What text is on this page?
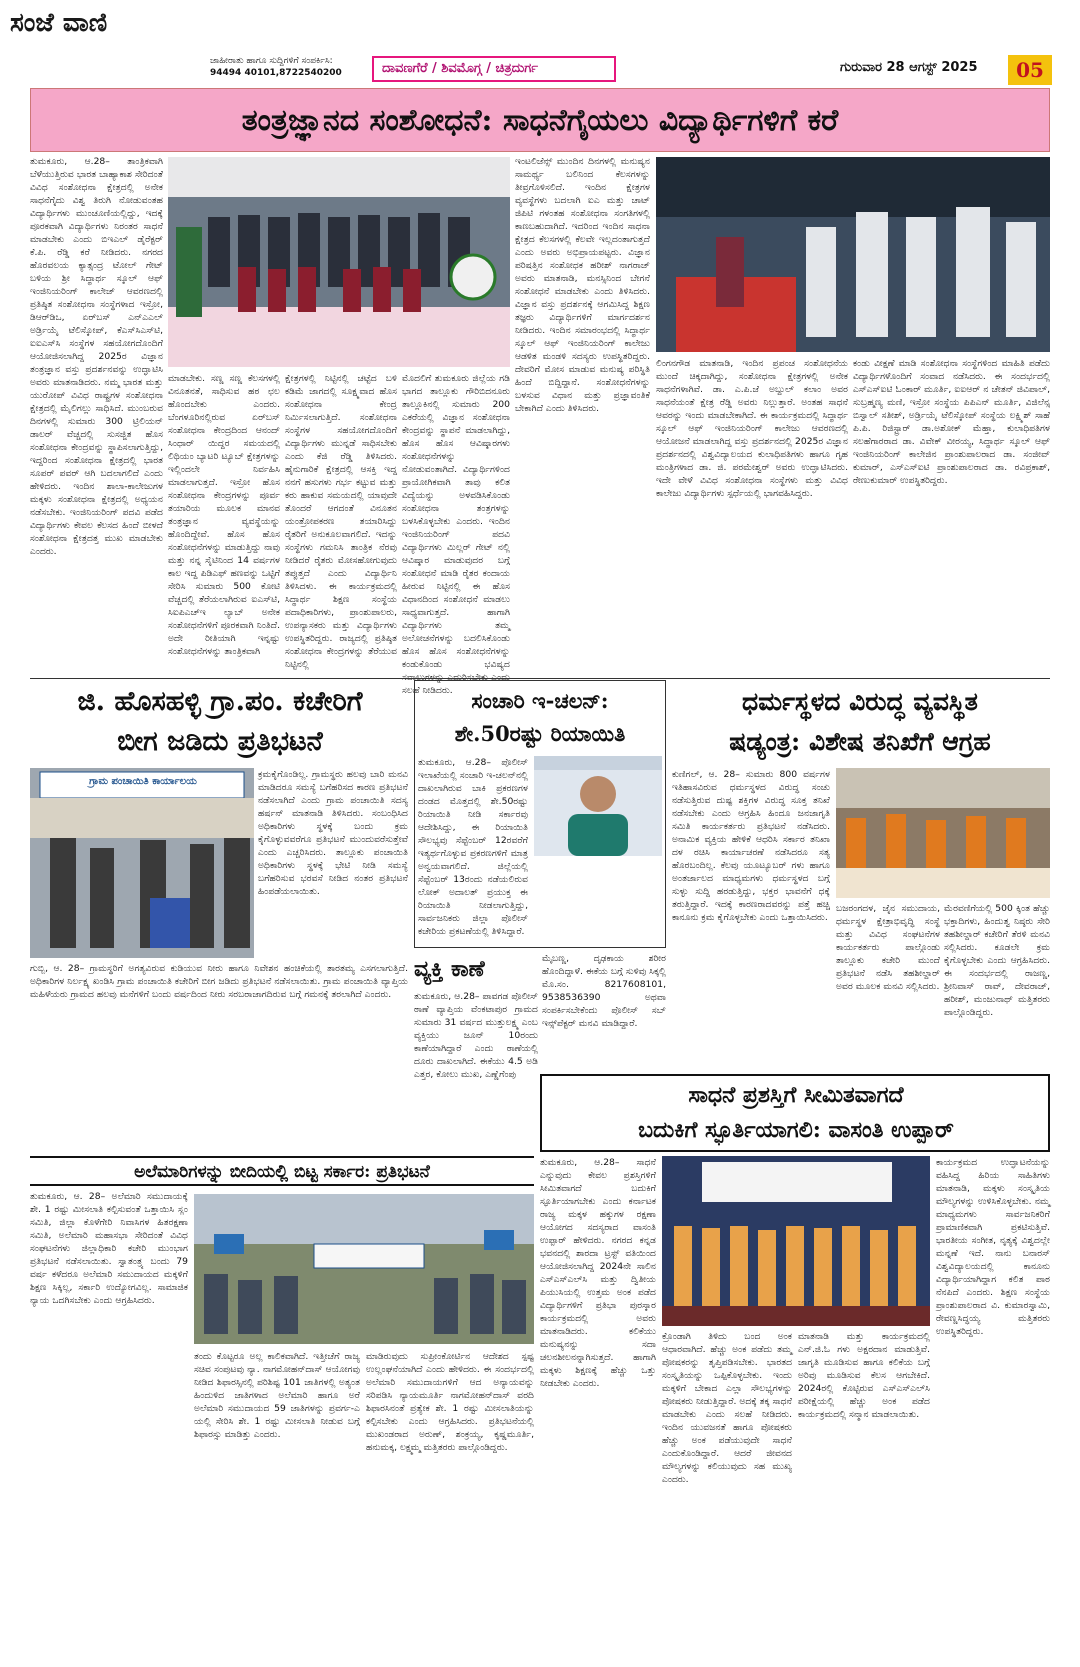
ಸಂಜೆ ವಾಣಿ
ಜಾಹೀರಾತು ಹಾಗೂ ಸುದ್ದಿಗಳಿಗೆ ಸಂಪರ್ಕಿಸಿ:
94494 40101,8722540200	ದಾವಣಗೆರೆ / ಶಿವಮೊಗ್ಗ / ಚಿತ್ರದುರ್ಗ	ಗುರುವಾರ 28 ಆಗಸ್ಟ್ 2025	05
ತಂತ್ರಜ್ಞಾನದ ಸಂಶೋಧನೆ: ಸಾಧನೆಗೈಯಲು ವಿದ್ಯಾರ್ಥಿಗಳಿಗೆ ಕರೆ
ತುಮಕೂರು, ಆ.28– ತಾಂತ್ರಿಕವಾಗಿ ಬೆಳೆಯುತ್ತಿರುವ ಭಾರತ ಬಾಹ್ಯಾಕಾಶ ಸೇರಿದಂತೆ ವಿವಿಧ ಸಂಶೋಧನಾ ಕ್ಷೇತ್ರದಲ್ಲಿ ಅನೇಕ ಸಾಧನೆಗೈದು ವಿಶ್ವ ತಿರುಗಿ ನೋಡುವಂತಹ ವಿದ್ಯಾರ್ಥಿಗಳು ಮುಂಚೂಣಿಯಲ್ಲಿದ್ದು, ಇದಕ್ಕೆ ಪೂರಕವಾಗಿ ವಿದ್ಯಾರ್ಥಿಗಳು ನಿರಂತರ ಸಾಧನೆ ಮಾಡಬೇಕು ಎಂದು ಬಿಇಎಲ್ ಡೈರೆಕ್ಟರ್ ಕೆ.ಪಿ. ರೆಡ್ಡಿ ಕರೆ ನೀಡಿದರು. ನಗರದ ಹೊರವಲಯ ಕ್ಯಾತ್ಸಂದ್ರ ಟೋಲ್ ಗೇಟ್ ಬಳಿಯ ಶ್ರೀ ಸಿದ್ಧಾರ್ಥ ಸ್ಕೂಲ್ ಆಫ್ ಇಂಜಿನಿಯರಿಂಗ್ ಕಾಲೇಜ್ ಆವರಣದಲ್ಲಿ ಪ್ರತಿಷ್ಠಿತ ಸಂಶೋಧನಾ ಸಂಸ್ಥೆಗಳಾದ ಇಸ್ರೋ, ಡಿಆರ್‌ಡಿಒ, ಏರ್‌ಬಸ್ ಎನ್‌ಎಎಲ್ ಅರ್ಡ್ರಿಯೈ ಟೆಲಿಸ್ಕೋಪ್, ಕೆಎಸ್‌ಸಿಎಸ್‌ಟಿ, ಐಐಎಸ್‌ಸಿ ಸಂಸ್ಥೆಗಳ ಸಹಯೋಗದೊಂದಿಗೆ ಆಯೋಜಿಸಲಾಗಿದ್ದ 2025ರ ವಿಜ್ಞಾನ ತಂತ್ರಜ್ಞಾನ ವಸ್ತು ಪ್ರದರ್ಶನವನ್ನು ಉದ್ಘಾಟಿಸಿ ಅವರು ಮಾತನಾಡಿದರು. ನಮ್ಮ ಭಾರತ ಮತ್ತು ಯುರೋಪ್ ವಿವಿಧ ರಾಷ್ಟ್ರಗಳ ಸಂಶೋಧನಾ ಕ್ಷೇತ್ರದಲ್ಲಿ ಮೈಲಿಗಲ್ಲು ಸಾಧಿಸಿದೆ. ಮುಂಬರುವ ದಿನಗಳಲ್ಲಿ ಸುಮಾರು 300 ಟ್ರಿಲಿಯನ್ ಡಾಲರ್ ವೆಚ್ಚದಲ್ಲಿ ಸುಸಜ್ಜಿತ ಹೊಸ ಸಂಶೋಧನಾ ಕೇಂದ್ರವನ್ನು ಸ್ಥಾಪಿಸಲಾಗುತ್ತಿದ್ದು, ಇದ್ದರಿಂದ ಸಂಶೋಧನಾ ಕ್ಷೇತ್ರದಲ್ಲಿ ಭಾರತ ಸೂಪರ್ ಪವರ್ ಆಗಿ ಬದಲಾಗಲಿದೆ ಎಂದು ಹೇಳಿದರು. ಇಂದಿನ ಶಾಲಾ-ಕಾಲೇಜುಗಳ ಮಕ್ಕಳು ಸಂಶೋಧನಾ ಕ್ಷೇತ್ರದಲ್ಲಿ ಅಧ್ಯಯನ ನಡೆಸಬೇಕು. ಇಂಜಿನಿಯರಿಂಗ್ ಪದವಿ ಪಡೆದ ವಿದ್ಯಾರ್ಥಿಗಳು ಕೇವಲ ಕೆಲಸದ ಹಿಂದೆ ಬೀಳದೆ ಸಂಶೋಧನಾ ಕ್ಷೇತ್ರದತ್ತ ಮುಖ ಮಾಡಬೇಕು ಎಂದರು.
ಮಾಡಬೇಕು. ಸಣ್ಣ ಸಣ್ಣ ಕೆಲಸಗಳಲ್ಲಿ ವಿನೂತನತೆ, ಸಾಧಿಸುವ ಹಠ ಛಲ ಹೊಂದಬೇಕು ಎಂದರು. ಬೆಂಗಳೂರಿನಲ್ಲಿರುವ ಏರ್‌ಬಸ್ ಸಂಶೋಧನಾ ಕೇಂದ್ರದಿಂದ ಆನಂದ್ ಸಿಂಧಾರ್ ಯಿದ್ದರ ಸಮಯದಲ್ಲಿ ಲಿಥಿಯಂ ಬ್ಯಾಟರಿ ಟ್ಯೂಬ್ ಕ್ಷೇತ್ರಗಳನ್ನು ಇಲ್ಲಿಂದಲೇ ನಿರ್ವಹಿಸಿ ಮಾಡಲಾಗುತ್ತದೆ. ಇಸ್ರೋ ಹೊಸ ಸಂಶೋಧನಾ ಕೇಂದ್ರಗಳನ್ನು ಪೂರ್ವ ತಯಾರಿಯ ಮೂಲಕ ಮಾನವ ತಂತ್ರಜ್ಞಾನ ವ್ಯವಸ್ಥೆಯನ್ನು ಹೊಂದಿದ್ದೇವೆ. ಹೊಸ ಹೊಸ ಸಂಶೋಧನೆಗಳನ್ನು ಮಾಡುತ್ತಿದ್ದು ನಾವು ಮತ್ತು ನನ್ನ ಸೈಟಿನಿಂದ 14 ವರ್ಷಗಳ ಕಾಲ ಇದ್ದ ಪಿಡಿಎಫ್ ಹಣವನ್ನು ಒಟ್ಟಿಗೆ ಸೇರಿಸಿ ಸುಮಾರು 500 ಕೋಟಿ ವೆಚ್ಚದಲ್ಲಿ ತೆರೆಯಲಾಗಿರುವ ಐಎಸ್‌ಟಿ, ಸಿಐಪಿಎಚ್‌ಇ ಲ್ಯಾಬ್ ಅನೇಕ ಸಂಶೋಧನೆಗಳಿಗೆ ಪೂರಕವಾಗಿ ನಿಂತಿದೆ. ಅದೇ ರೀತಿಯಾಗಿ ಇನ್ನಷ್ಟು ಸಂಶೋಧನೆಗಳನ್ನು ತಾಂತ್ರಿಕವಾಗಿ
ಕ್ಷೇತ್ರಗಳಲ್ಲಿ ನಿಟ್ಟಿನಲ್ಲಿ ಚಟ್ಟೆದ ಬಳಿ ಕಡಿಮೆ ಜಾಗದಲ್ಲಿ ಸೂಕ್ಷ್ಮವಾದ ಹೊಸ ಸಂಶೋಧನಾ ಕೇಂದ್ರ ನಿರ್ಮಿಸಲಾಗುತ್ತಿದೆ. ಸಂಶೋಧನಾ ಸಂಸ್ಥೆಗಳ ಸಹಯೋಗದೊಂದಿಗೆ ವಿದ್ಯಾರ್ಥಿಗಳು ಮುನ್ನಡೆ ಸಾಧಿಸಬೇಕು ಎಂದು ಕೆಜಿ ರೆಡ್ಡಿ ತಿಳಿಸಿದರು. ಹೈನುಗಾರಿಕೆ ಕ್ಷೇತ್ರದಲ್ಲಿ ಆಸಕ್ತಿ ಇದ್ದ ನನಗೆ ಹಸುಗಳು ಗರ್ಭ ಕಟ್ಟುವ ಮತ್ತು ಕರು ಹಾಕುವ ಸಮಯದಲ್ಲಿ ಯಾವುದೇ ತೊಂದರೆ ಆಗದಂತೆ ವಿನೂತನ ಯಂತ್ರೋಪಕರಣ ತಯಾರಿಸಿದ್ದು ರೈತರಿಗೆ ಅನುಕೂಲವಾಗಲಿದೆ. ಇದನ್ನು ಸಂಸ್ಥೆಗಳು ಗಮನಿಸಿ ತಾಂತ್ರಿಕ ನೆರವು ನೀಡಿದರೆ ರೈತರು ಮೋಸಹೋಗುವುದು ತಪ್ಪುತ್ತದೆ ಎಂದು ವಿದ್ಯಾರ್ಥಿನಿ ತಿಳಿಸಿದಳು. ಈ ಕಾರ್ಯಕ್ರಮದಲ್ಲಿ ಸಿದ್ಧಾರ್ಥ ಶಿಕ್ಷಣ ಸಂಸ್ಥೆಯ ಪದಾಧಿಕಾರಿಗಳು, ಪ್ರಾಂಶುಪಾಲರು, ಉಪನ್ಯಾಸಕರು ಮತ್ತು ವಿದ್ಯಾರ್ಥಿಗಳು ಉಪಸ್ಥಿತರಿದ್ದರು. ರಾಜ್ಯದಲ್ಲಿ ಪ್ರತಿಷ್ಠಿತ ಸಂಶೋಧನಾ ಕೇಂದ್ರಗಳನ್ನು ತೆರೆಯುವ ನಿಟ್ಟಿನಲ್ಲಿ
ಮೊದಲಿಗೆ ತುಮಕೂರು ಜಿಲ್ಲೆಯ ಗಡಿ ಭಾಗದ ತಾಲ್ಲೂಕು ಗೌರಿಬಿದನೂರು ತಾಲ್ಲೂಕಿನಲ್ಲಿ ಸುಮಾರು 200 ಎಕರೆಯಲ್ಲಿ ವಿಜ್ಞಾನ ಸಂಶೋಧನಾ ಕೇಂದ್ರವನ್ನು ಸ್ಥಾಪನೆ ಮಾಡಲಾಗಿದ್ದು, ಹೊಸ ಹೊಸ ಆವಿಷ್ಕಾರಗಳು ಸಂಶೋಧನೆಗಳನ್ನು ನೋಡುವಂತಾಗಿದೆ. ವಿದ್ಯಾರ್ಥಿಗಳಿಂದ ಪ್ರಾಯೋಗಿಕವಾಗಿ ತಾವು ಕಲಿತ ವಿದ್ಯೆಯನ್ನು ಅಳವಡಿಸಿಕೊಂಡು ಸಂಶೋಧನಾ ತಂತ್ರಗಳನ್ನು ಬಳಸಿಕೊಳ್ಳಬೇಕು ಎಂದರು. ಇಂದಿನ ಇಂಜಿನಿಯರಿಂಗ್ ಪದವಿ ವಿದ್ಯಾರ್ಥಿಗಳು ಮಿಲ್ಲರ್ ಗೇಟ್ ನಲ್ಲಿ ಆವಿಷ್ಕಾರ ಮಾಡುವುದರ ಬಗ್ಗೆ ಸಂಶೋಧನೆ ಮಾಡಿ ರೈತರ ಕಂದಾಯ ಹೀರುವ ನಿಟ್ಟಿನಲ್ಲಿ ಈ ಹೊಸ ವಿಧಾನದಿಂದ ಸಂಶೋಧನೆ ಮಾಡಲು ಸಾಧ್ಯವಾಗುತ್ತದೆ. ಹಾಗಾಗಿ ವಿದ್ಯಾರ್ಥಿಗಳು ತಮ್ಮ ಅಲೋಚನೆಗಳನ್ನು ಬದಲಿಸಿಕೊಂಡು ಹೊಸ ಹೊಸ ಸಂಶೋಧನೆಗಳನ್ನು ಕಂಡುಕೊಂಡು ಭವಿಷ್ಯದ ಸಲಹೆ ನೀಡಿದರು.
ಇಂಟಲಿಜೆನ್ಸ್ ಮುಂದಿನ ದಿನಗಳಲ್ಲಿ ಮನುಷ್ಯನ ಸಾಮರ್ಥ್ಯ ಬಲಿನಿಂದ ಕೆಲಸಗಳನ್ನು ತೀವ್ರಗೊಳಿಸಲಿದೆ. ಇಂದಿನ ಕ್ಷೇತ್ರಗಳ ವ್ಯವಸ್ಥೆಗಳು ಬದಲಾಗಿ ಐಎ ಮತ್ತು ಚಾಟ್ ಜಿಪಿಟಿ ಗಳಂತಹ ಸಂಶೋಧನಾ ಸಂಗತಿಗಳಲ್ಲಿ ಕಾಣಬಹುದಾಗಿದೆ. ಇದರಿಂದ ಇಂದಿನ ಸಾಧನಾ ಕ್ಷೇತ್ರದ ಕೆಲಸಗಳಲ್ಲಿ ಕೆಲವೇ ಇಲ್ಲದಂತಾಗುತ್ತದೆ ಎಂದು ಅವರು ಅಭಿಪ್ರಾಯಪಟ್ಟರು. ವಿಜ್ಞಾನ ಪರಿಷತ್ತಿನ ಸಂಶೋಧಕ ಹರೀಶ್ ನಾಗರಾಜ್ ಅವರು ಮಾತನಾಡಿ, ಮನಸ್ಸಿನಿಂದ ಬೇಗನೆ ಸಂಶೋಧನೆ ಮಾಡಬೇಕು ಎಂದು ತಿಳಿಸಿದರು. ವಿಜ್ಞಾನ ವಸ್ತು ಪ್ರದರ್ಶನಕ್ಕೆ ಆಗಮಿಸಿದ್ದ ಶಿಕ್ಷಣ ತಜ್ಞರು ವಿದ್ಯಾರ್ಥಿಗಳಿಗೆ ಮಾರ್ಗದರ್ಶನ ನೀಡಿದರು. ಇಂದಿನ ಸಮಾರಂಭದಲ್ಲಿ ಸಿದ್ಧಾರ್ಥ ಸ್ಕೂಲ್ ಆಫ್ ಇಂಜಿನಿಯರಿಂಗ್ ಕಾಲೇಜು ಆಡಳಿತ ಮಂಡಳಿ ಸದಸ್ಯರು ಉಪಸ್ಥಿತರಿದ್ದರು. ದೇವರಿಗೆ ಮೋಸ ಮಾಡುವ ಮನುಷ್ಯ ಪರಿಸ್ಥಿತಿ ಹಿಂದೆ ಬಿದ್ದಿದ್ದಾನೆ. ಸಂಶೋಧನೆಗಳನ್ನು ಬಳಸುವ ವಿಧಾನ ಮತ್ತು ಪ್ರಜ್ಞಾವಂತಿಕೆ ಬೇಕಾಗಿದೆ ಎಂದು ತಿಳಿಸಿದರು.
ಲಿಂಗನಗೌಡ ಮಾತನಾಡಿ, ಇಂದಿನ ಪ್ರಪಂಚ ಸಂಶೋಧನೆಯ ಮುಂದೆ ಚಿಕ್ಕದಾಗಿದ್ದು, ಸಂಶೋಧನಾ ಕ್ಷೇತ್ರಗಳಲ್ಲಿ ಅನೇಕ ಸಾಧನೆಗಳಾಗಿವೆ. ಡಾ. ಎ.ಪಿ.ಜೆ ಅಬ್ದುಲ್ ಕಲಾಂ ಅವರ ಸಾಧನೆಯಂತೆ ಕ್ಷೇತ್ರ ರೆಡ್ಡಿ ಅವರು ನಿಲ್ಲುತ್ತಾರೆ. ಅಂತಹ ಸಾಧನೆ ಆವರನ್ನು ಇಂದು ಮಾಡಬೇಕಾಗಿದೆ. ಈ ಕಾರ್ಯಕ್ರಮದಲ್ಲಿ ಸಿದ್ಧಾರ್ಥ ಸ್ಕೂಲ್ ಆಫ್ ಇಂಜಿನಿಯರಿಂಗ್ ಕಾಲೇಜು ಆವರಣದಲ್ಲಿ ಆಯೋಜನೆ ಮಾಡಲಾಗಿದ್ದ ವಸ್ತು ಪ್ರದರ್ಶನದಲ್ಲಿ 2025ರ ವಿಜ್ಞಾನ ಪ್ರದರ್ಶನದಲ್ಲಿ ವಿಶ್ವವಿದ್ಯಾಲಯದ ಕುಲಾಧಿಪತಿಗಳು ಹಾಗೂ ಗೃಹ ಮಂತ್ರಿಗಳಾದ ಡಾ. ಜಿ. ಪರಮೇಶ್ವರ್ ಅವರು ಉದ್ಘಾಟಿಸಿದರು. ಇದೇ ವೇಳೆ ವಿವಿಧ ಸಂಶೋಧನಾ ಸಂಸ್ಥೆಗಳು ಮತ್ತು ವಿವಿಧ ಕಾಲೇಜು ವಿದ್ಯಾರ್ಥಿಗಳು ಸ್ಪರ್ಧೆಯಲ್ಲಿ ಭಾಗವಹಿಸಿದ್ದರು.
ಕಂಡು ವೀಕ್ಷಣೆ ಮಾಡಿ ಸಂಶೋಧನಾ ಸಂಸ್ಥೆಗಳಿಂದ ಮಾಹಿತಿ ಪಡೆದು ವಿದ್ಯಾರ್ಥಿಗಳೊಂದಿಗೆ ಸಂವಾದ ನಡೆಸಿದರು. ಈ ಸಂದರ್ಭದಲ್ಲಿ ಎಸ್ಎಸ್‌ಐಟಿ ಓಂಕಾರ್ ಮೂರ್ತಿ, ಐಐಆರ್ ನ ಚೇತನ್ ಜಿವಿಪಾಲ್, ಸುಬ್ರಹ್ಮಣ್ಯ ಮಣಿ, ಇಸ್ರೋ ಸಂಸ್ಥೆಯ ಪಿಪಿಎನ್ ಮೂರ್ತಿ, ವಿಜಿಲೆನ್ಸ ಬಿಸ್ವಾಲ್ ಸತೀಶ್, ಅರ್ಡ್ರಿಯೈ ಟೆಲಿಸ್ಕೋಪ್ ಸಂಸ್ಥೆಯ ಲಕ್ಷ್ಮಿಶ್ ಸಾಹೆ ಪಿ.ಪಿ. ರಿಜಿಸ್ಟ್ರಾರ್ ಡಾ.ಅಶೋಕ್ ಮೆಹ್ತಾ, ಕುಲಾಧಿಪತಿಗಳ ಸಲಹೆಗಾರರಾದ ಡಾ. ವಿವೇಕ್ ವೀರಯ್ಯ, ಸಿದ್ಧಾರ್ಥ ಸ್ಕೂಲ್ ಆಫ್ ಇಂಜಿನಿಯರಿಂಗ್ ಕಾಲೇಜಿನ ಪ್ರಾಂಶುಪಾಲರಾದ ಡಾ. ಸಂಜೀವ್ ಕುಮಾರ್, ಎಸ್‌ಎಸ್‌ಐಟಿ ಪ್ರಾಂಶುಪಾಲರಾದ ಡಾ. ರವಿಪ್ರಕಾಶ್, ರೇಣುಕುಮಾರ್ ಉಪಸ್ಥಿತರಿದ್ದರು.
ಜಿ. ಹೊಸಹಳ್ಳಿ ಗ್ರಾ.ಪಂ. ಕಚೇರಿಗೆ
ಬೀಗ ಜಡಿದು ಪ್ರತಿಭಟನೆ
ಗ್ರಾಮ ಪಂಚಾಯಿತಿ ಕಾರ್ಯಾಲಯ
ಕ್ರಮಕೈಗೊಂಡಿಲ್ಲ. ಗ್ರಾಮಸ್ಥರು ಹಲವು ಬಾರಿ ಮನವಿ ಮಾಡಿದರೂ ಸಮಸ್ಯೆ ಬಗೆಹರಿಸದ ಕಾರಣ ಪ್ರತಿಭಟನೆ ನಡೆಸಲಾಗಿದೆ ಎಂದು ಗ್ರಾಮ ಪಂಚಾಯಿತಿ ಸದಸ್ಯ ಹರ್ಷನ್ ಮಾತನಾಡಿ ತಿಳಿಸಿದರು. ಸಂಬಂಧಿಸಿದ ಅಧಿಕಾರಿಗಳು ಸ್ಥಳಕ್ಕೆ ಬಂದು ಕ್ರಮ ಕೈಗೊಳ್ಳುವವರೆಗೂ ಪ್ರತಿಭಟನೆ ಮುಂದುವರೆಸುತ್ತೇವೆ ಎಂದು ಎಚ್ಚರಿಸಿದರು. ತಾಲ್ಲೂಕು ಪಂಚಾಯಿತಿ ಅಧಿಕಾರಿಗಳು ಸ್ಥಳಕ್ಕೆ ಭೇಟಿ ನೀಡಿ ಸಮಸ್ಯೆ ಬಗೆಹರಿಸುವ ಭರವಸೆ ನೀಡಿದ ನಂತರ ಪ್ರತಿಭಟನೆ ಹಿಂಪಡೆಯಲಾಯಿತು.
ಗುಬ್ಬಿ, ಆ. 28– ಗ್ರಾಮಸ್ಥರಿಗೆ ಅಗತ್ಯವಿರುವ ಕುಡಿಯುವ ನೀರು ಹಾಗೂ ನಿವೇಶನ ಹಂಚಿಕೆಯಲ್ಲಿ ತಾರತಮ್ಯ ಎಸಗಲಾಗುತ್ತಿದೆ. ಅಧಿಕಾರಿಗಳ ನಿರ್ಲಕ್ಷ್ಯ ಖಂಡಿಸಿ ಗ್ರಾಮ ಪಂಚಾಯಿತಿ ಕಚೇರಿಗೆ ಬೀಗ ಜಡಿದು ಪ್ರತಿಭಟನೆ ನಡೆಸಲಾಯಿತು. ಗ್ರಾಮ ಪಂಚಾಯಿತಿ ವ್ಯಾಪ್ತಿಯ ಮಹಿಳೆಯರು ಗ್ರಾಮದ ಹಲವು ಮನೆಗಳಿಗೆ ಬಂದು ವರ್ಷದಿಂದ ನೀರು ಸರಬರಾಜಾಗದಿರುವ ಬಗ್ಗೆ ಗಮನಕ್ಕೆ ತರಲಾಗಿದೆ ಎಂದರು.
ಸಂಚಾರಿ ಇ-ಚಲನ್:
ಶೇ.50ರಷ್ಟು ರಿಯಾಯಿತಿ
ತುಮಕೂರು, ಆ.28– ಪೊಲೀಸ್ ಇಲಾಖೆಯಲ್ಲಿ ಸಂಚಾರಿ ಇ-ಚಲನ್‌ನಲ್ಲಿ ದಾಖಲಾಗಿರುವ ಬಾಕಿ ಪ್ರಕರಣಗಳ ದಂಡದ ಮೊತ್ತದಲ್ಲಿ ಶೇ.50ರಷ್ಟು ರಿಯಾಯಿತಿ ನೀಡಿ ಸರ್ಕಾರವು ಆದೇಶಿಸಿದ್ದು, ಈ ರಿಯಾಯಿತಿ ಸೌಲಭ್ಯವು ಸೆಪ್ಟೆಂಬರ್ 12ರವರೆಗೆ ಇತ್ಯರ್ಥಗೊಳ್ಳುವ ಪ್ರಕರಣಗಳಿಗೆ ಮಾತ್ರ ಅನ್ವಯವಾಗಲಿದೆ. ಜಿಲ್ಲೆಯಲ್ಲಿ ಸೆಪ್ಟೆಂಬರ್ 13ರಂದು ನಡೆಯಲಿರುವ ಲೋಕ್ ಅದಾಲತ್ ಪ್ರಯುಕ್ತ ಈ ರಿಯಾಯಿತಿ ನೀಡಲಾಗುತ್ತಿದ್ದು, ಸಾರ್ವಜನಿಕರು ಜಿಲ್ಲಾ ಪೊಲೀಸ್ ಕಚೇರಿಯ ಪ್ರಕಟಣೆಯಲ್ಲಿ ತಿಳಿಸಿದ್ದಾರೆ.
ವ್ಯಕ್ತಿ ಕಾಣೆ
ತುಮಕೂರು, ಆ.28– ಪಾವಗಡ ಪೊಲೀಸ್ ಠಾಣೆ ವ್ಯಾಪ್ತಿಯ ವೆಂಕಟಾಪುರ ಗ್ರಾಮದ ಸುಮಾರು 31 ವರ್ಷದ ಮುತ್ತುಲಕ್ಷ್ಮ ಎಂಬ ವ್ಯಕ್ತಿಯು ಜೂನ್ 10ರಂದು ಕಾಣೆಯಾಗಿದ್ದಾರೆ ಎಂದು ಠಾಣೆಯಲ್ಲಿ ದೂರು ದಾಖಲಾಗಿದೆ. ಈಕೆಯು 4.5 ಅಡಿ ಎತ್ತರ, ಕೋಲು ಮುಖ, ಎಣ್ಣೆಗೆಂಪು
ಮೈಬಣ್ಣ, ದೃಢಕಾಯ ಶರೀರ ಹೊಂದಿದ್ದಾಳೆ. ಈಕೆಯ ಬಗ್ಗೆ ಸುಳಿವು ಸಿಕ್ಕಲ್ಲಿ ಮೊ.ಸಂ. 8217608101, 9538536390 ಅಥವಾ ಸಂಪರ್ಕಿಸಬೇಕೆಂದು ಪೊಲೀಸ್ ಸಬ್ ಇನ್ಸ್‌ಪೆಕ್ಟರ್ ಮನವಿ ಮಾಡಿದ್ದಾರೆ.
ಧರ್ಮಸ್ಥಳದ ವಿರುದ್ಧ ವ್ಯವಸ್ಥಿತ
ಷಡ್ಯಂತ್ರ: ವಿಶೇಷ ತನಿಖೆಗೆ ಆಗ್ರಹ
ಕುಣಿಗಲ್, ಆ. 28– ಸುಮಾರು 800 ವರ್ಷಗಳ ಇತಿಹಾಸವಿರುವ ಧರ್ಮಸ್ಥಳದ ವಿರುದ್ಧ ಸಂಚು ನಡೆಸುತ್ತಿರುವ ದುಷ್ಟ ಶಕ್ತಿಗಳ ವಿರುದ್ಧ ಸೂಕ್ತ ತನಿಖೆ ನಡೆಸಬೇಕು ಎಂದು ಆಗ್ರಹಿಸಿ ಹಿಂದೂ ಜನಜಾಗೃತಿ ಸಮಿತಿ ಕಾರ್ಯಕರ್ತರು ಪ್ರತಿಭಟನೆ ನಡೆಸಿದರು. ಅನಾಮಿಕ ವ್ಯಕ್ತಿಯ ಹೇಳಿಕೆ ಆಧರಿಸಿ ಸರ್ಕಾರ ತನಿಖಾ ದಳ ರಚಿಸಿ ಕಾರ್ಯಾಚರಣೆ ನಡೆಸಿದರೂ ಸತ್ಯ ಹೊರಬಂದಿಲ್ಲ. ಕೆಲವು ಯೂಟ್ಯೂಬರ್ ಗಳು ಹಾಗೂ ಅಂತರ್ಜಾಲದ ಮಾಧ್ಯಮಗಳು ಧರ್ಮಸ್ಥಳದ ಬಗ್ಗೆ ಸುಳ್ಳು ಸುದ್ದಿ ಹರಡುತ್ತಿದ್ದು, ಭಕ್ತರ ಭಾವನೆಗೆ ಧಕ್ಕೆ ತರುತ್ತಿದ್ದಾರೆ. ಇದಕ್ಕೆ ಕಾರಣರಾದವರನ್ನು ಪತ್ತೆ ಹಚ್ಚಿ ಕಾನೂನು ಕ್ರಮ ಕೈಗೊಳ್ಳಬೇಕು ಎಂದು ಒತ್ತಾಯಿಸಿದರು.
ಬಜರಂಗದಳ, ಜೈನ ಸಮುದಾಯ, ಧರ್ಮಸ್ಥಳ ಕ್ಷೇತ್ರಾಭಿವೃದ್ಧಿ ಸಂಸ್ಥೆ ಮತ್ತು ವಿವಿಧ ಸಂಘಟನೆಗಳ ಕಾರ್ಯಕರ್ತರು ಪಾಲ್ಗೊಂಡು ತಾಲ್ಲೂಕು ಕಚೇರಿ ಮುಂದೆ ಪ್ರತಿಭಟನೆ ನಡೆಸಿ ತಹಶೀಲ್ದಾರ್ ಅವರ ಮೂಲಕ ಮನವಿ ಸಲ್ಲಿಸಿದರು.
ಮೆರವಣಿಗೆಯಲ್ಲಿ 500 ಕ್ಕಿಂತ ಹೆಚ್ಚು ಭಕ್ತಾದಿಗಳು, ಹಿಂದುತ್ವ ನಿಷ್ಠರು ಸೇರಿ ತಹಶೀಲ್ದಾರ್ ಕಚೇರಿಗೆ ತೆರಳಿ ಮನವಿ ಸಲ್ಲಿಸಿದರು. ಕೂಡಲೇ ಕ್ರಮ ಕೈಗೊಳ್ಳಬೇಕು ಎಂದು ಆಗ್ರಹಿಸಿದರು. ಈ ಸಂದರ್ಭದಲ್ಲಿ ರಾಜಣ್ಣ, ಶ್ರೀನಿವಾಸ್ ರಾವ್, ದೇವರಾಜ್, ಹರೀಶ್, ಮಂಜುನಾಥ್ ಮತ್ತಿತರರು ಪಾಲ್ಗೊಂಡಿದ್ದರು.
ಸಾಧನೆ ಪ್ರಶಸ್ತಿಗೆ ಸೀಮಿತವಾಗದೆ
ಬದುಕಿಗೆ ಸ್ಫೂರ್ತಿಯಾಗಲಿ: ವಾಸಂತಿ ಉಪ್ಪಾರ್
ತುಮಕೂರು, ಆ.28– ಸಾಧನೆ ಎನ್ನುವುದು ಕೇವಲ ಪ್ರಶಸ್ತಿಗಳಿಗೆ ಸೀಮಿತವಾಗದೆ ಬದುಕಿಗೆ ಸ್ಫೂರ್ತಿಯಾಗಬೇಕು ಎಂದು ಕರ್ನಾಟಕ ರಾಜ್ಯ ಮಕ್ಕಳ ಹಕ್ಕುಗಳ ರಕ್ಷಣಾ ಆಯೋಗದ ಸದಸ್ಯರಾದ ವಾಸಂತಿ ಉಪ್ಪಾರ್ ಹೇಳಿದರು. ನಗರದ ಕನ್ನಡ ಭವನದಲ್ಲಿ ಶಾರದಾ ಟ್ರಸ್ಟ್ ವತಿಯಿಂದ ಆಯೋಜಿಸಲಾಗಿದ್ದ 2024ನೇ ಸಾಲಿನ ಎಸ್‌ಎಸ್‌ಎಲ್‌ಸಿ ಮತ್ತು ದ್ವಿತೀಯ ಪಿಯುಸಿಯಲ್ಲಿ ಉತ್ತಮ ಅಂಕ ಪಡೆದ ವಿದ್ಯಾರ್ಥಿಗಳಿಗೆ ಪ್ರತಿಭಾ ಪುರಸ್ಕಾರ ಕಾರ್ಯಕ್ರಮದಲ್ಲಿ ಅವರು ಮಾತನಾಡಿದರು. ಕಲಿಕೆಯು ಮನುಷ್ಯನನ್ನು ಸದಾ ಚಲನಶೀಲನನ್ನಾಗಿಸುತ್ತದೆ. ಹಾಗಾಗಿ ಮಕ್ಕಳು ಶಿಕ್ಷಣಕ್ಕೆ ಹೆಚ್ಚು ಒತ್ತು ನೀಡಬೇಕು ಎಂದರು.
ಕ್ರೊಂಡಾಗಿ ತಿಳಿದು ಬಂದ ಅಂಕ ಆಧಾರವಾಗಿದೆ. ಹೆಚ್ಚು ಅಂಕ ಪಡೆದು ತಮ್ಮ ಪೋಷಕರನ್ನು ತೃಪ್ತಿಪಡಿಸಬೇಕು. ಭಾರತದ ಸಂಸ್ಕೃತಿಯನ್ನು ಒಪ್ಪಿಕೊಳ್ಳಬೇಕು. ಇಂದು ಮಕ್ಕಳಿಗೆ ಬೇಕಾದ ಎಲ್ಲಾ ಸೌಲಭ್ಯಗಳನ್ನು ಪೋಷಕರು ನೀಡುತ್ತಿದ್ದಾರೆ. ಅದಕ್ಕೆ ತಕ್ಕ ಸಾಧನೆ ಮಾಡಬೇಕು ಎಂದು ಸಲಹೆ ನೀಡಿದರು. ಇಂದಿನ ಯುವಜನತೆ ಹಾಗೂ ಪೋಷಕರು ಹೆಚ್ಚು ಅಂಕ ಪಡೆಯುವುದೇ ಸಾಧನೆ ಎಂದುಕೊಂಡಿದ್ದಾರೆ. ಆದರೆ ಜೀವನದ ಮೌಲ್ಯಗಳನ್ನು ಕಲಿಯುವುದು ಸಹ ಮುಖ್ಯ ಎಂದರು.
ಮಾತನಾಡಿ ಮತ್ತು ಕಾರ್ಯಕ್ರಮದಲ್ಲಿ ಎನ್.ಜಿ.ಓ ಗಳು ಅಕ್ಷರದಾನ ಮಾಡುತ್ತಿವೆ. ಜಾಗೃತಿ ಮೂಡಿಸುವ ಹಾಗೂ ಕಲಿಕೆಯ ಬಗ್ಗೆ ಅರಿವು ಮೂಡಿಸುವ ಕೆಲಸ ಆಗಬೇಕಿದೆ. 2024ರಲ್ಲಿ ಕೊಟ್ಟಿರುವ ಎಸ್‌ಎಸ್‌ಎಲ್‌ಸಿ ಪರೀಕ್ಷೆಯಲ್ಲಿ ಹೆಚ್ಚು ಅಂಕ ಪಡೆದ ಕಾರ್ಯಕ್ರಮದಲ್ಲಿ ಸನ್ಮಾನ ಮಾಡಲಾಯಿತು.
ಕಾರ್ಯಕ್ರಮದ ಉದ್ಘಾಟನೆಯನ್ನು ವಹಿಸಿದ್ದ ಹಿರಿಯ ಸಾಹಿತಿಗಳು ಮಾತನಾಡಿ, ಮಕ್ಕಳು ಸಂಸ್ಕೃತಿಯ ಮೌಲ್ಯಗಳನ್ನು ಉಳಿಸಿಕೊಳ್ಳಬೇಕು. ನಮ್ಮ ಮಾಧ್ಯಮಗಳು ಸಾರ್ವಜನಿಕರಿಗೆ ಪ್ರಾಮಾಣಿಕವಾಗಿ ಪ್ರಕಟಿಸುತ್ತಿವೆ. ಭಾರತೀಯ ಸಂಗೀತ, ನೃತ್ಯಕ್ಕೆ ವಿಶ್ವದಲ್ಲೇ ಮನ್ನಣೆ ಇದೆ. ನಾನು ಬನಾರಸ್ ವಿಶ್ವವಿದ್ಯಾಲಯದಲ್ಲಿ ಕಾನೂನು ವಿದ್ಯಾರ್ಥಿಯಾಗಿದ್ದಾಗ ಕಲಿತ ಪಾಠ ನೆನಪಿದೆ ಎಂದರು. ಶಿಕ್ಷಣ ಸಂಸ್ಥೆಯ ಪ್ರಾಂಶುಪಾಲರಾದ ವಿ. ಕುಮಾರಸ್ವಾಮಿ, ರೇವಣ್ಣಸಿದ್ಧಯ್ಯ ಮತ್ತಿತರರು ಉಪಸ್ಥಿತರಿದ್ದರು.
ಅಲೆಮಾರಿಗಳನ್ನು ಬೀದಿಯಲ್ಲಿ ಬಿಟ್ಟ ಸರ್ಕಾರ: ಪ್ರತಿಭಟನೆ
ತುಮಕೂರು, ಆ. 28– ಅಲೆಮಾರಿ ಸಮುದಾಯಕ್ಕೆ ಶೇ. 1 ರಷ್ಟು ಮೀಸಲಾತಿ ಕಲ್ಪಿಸುವಂತೆ ಒತ್ತಾಯಿಸಿ ಸ್ಲಂ ಸಮಿತಿ, ಜಿಲ್ಲಾ ಕೊಳೆಗೇರಿ ನಿವಾಸಿಗಳ ಹಿತರಕ್ಷಣಾ ಸಮಿತಿ, ಅಲೆಮಾರಿ ಮಹಾಸಭಾ ಸೇರಿದಂತೆ ವಿವಿಧ ಸಂಘಟನೆಗಳು ಜಿಲ್ಲಾಧಿಕಾರಿ ಕಚೇರಿ ಮುಂಭಾಗ ಪ್ರತಿಭಟನೆ ನಡೆಸಲಾಯಿತು. ಸ್ವಾತಂತ್ರ್ಯ ಬಂದು 79 ವರ್ಷ ಕಳೆದರೂ ಅಲೆಮಾರಿ ಸಮುದಾಯದ ಮಕ್ಕಳಿಗೆ ಶಿಕ್ಷಣ ಸಿಕ್ಕಿಲ್ಲ, ಸರ್ಕಾರಿ ಉದ್ಯೋಗವಿಲ್ಲ. ಸಾಮಾಜಿಕ ನ್ಯಾಯ ಒದಗಿಸಬೇಕು ಎಂದು ಆಗ್ರಹಿಸಿದರು.
ತಂದು ಕೊಟ್ಟರೂ ಅಲ್ಲ ಕಾಲಿಕವಾಗಿದೆ. ಇತ್ತೀಚೆಗೆ ರಾಜ್ಯ ಸಚಿವ ಸಂಪುಟವು ನ್ಯಾ. ನಾಗಮೋಹನ್‌ದಾಸ್ ಆಯೋಗವು ನೀಡಿದ ಶಿಫಾರಸ್ಸಿನಲ್ಲಿ ಪರಿಶಿಷ್ಟ 101 ಜಾತಿಗಳಲ್ಲಿ ಅತ್ಯಂತ ಹಿಂದುಳಿದ ಜಾತಿಗಳಾದ ಅಲೆಮಾರಿ ಹಾಗೂ ಅರೆ ಅಲೆಮಾರಿ ಸಮುದಾಯದ 59 ಜಾತಿಗಳನ್ನು ಪ್ರವರ್ಗ-ಎ ಯಲ್ಲಿ ಸೇರಿಸಿ ಶೇ. 1 ರಷ್ಟು ಮೀಸಲಾತಿ ನೀಡುವ ಬಗ್ಗೆ ಶಿಫಾರಸ್ಸು ಮಾಡಿತ್ತು ಎಂದರು.
ಮಾಡಿರುವುದು ಸುಪ್ರೀಂಕೋರ್ಟಿನ ಆದೇಶದ ಸ್ಪಷ್ಟ ಉಲ್ಲಂಘನೆಯಾಗಿದೆ ಎಂದು ಹೇಳಿದರು. ಈ ಸಂದರ್ಭದಲ್ಲಿ ಅಲೆಮಾರಿ ಸಮುದಾಯಗಳಿಗೆ ಆದ ಅನ್ಯಾಯವನ್ನು ಸರಿಪಡಿಸಿ ನ್ಯಾಯಮೂರ್ತಿ ನಾಗಮೋಹನ್‌ದಾಸ್ ವರದಿ ಶಿಫಾರಸಿನಂತೆ ಪ್ರತ್ಯೇಕ ಶೇ. 1 ರಷ್ಟು ಮೀಸಲಾತಿಯನ್ನು ಕಲ್ಪಿಸಬೇಕು ಎಂದು ಆಗ್ರಹಿಸಿದರು. ಪ್ರತಿಭಟನೆಯಲ್ಲಿ ಮುಖಂಡರಾದ ಅರುಣ್, ಶಂಕ್ರಯ್ಯ, ಕೃಷ್ಣಮೂರ್ತಿ, ಹನುಮಕ್ಕ, ಲಕ್ಷ್ಮಮ್ಮ ಮತ್ತಿತರರು ಪಾಲ್ಗೊಂಡಿದ್ದರು.
